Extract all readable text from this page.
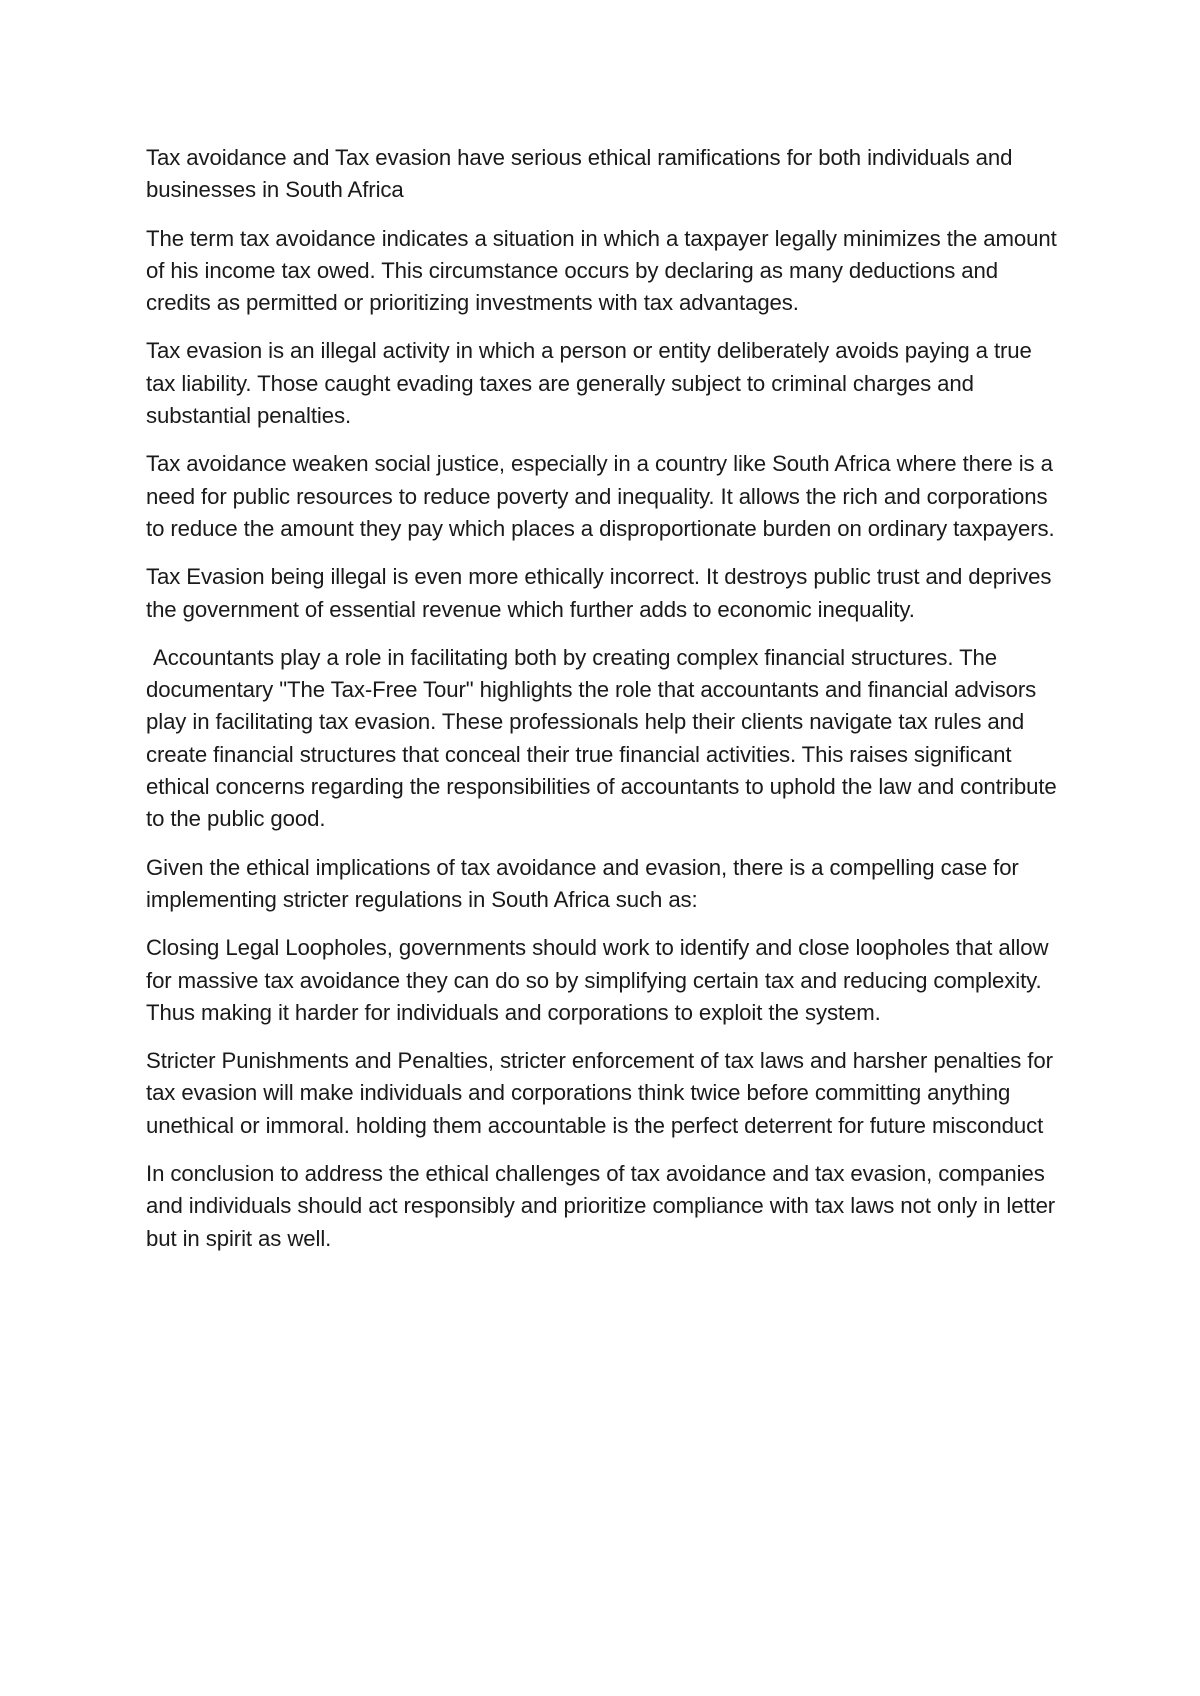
Tax avoidance and Tax evasion have serious ethical ramifications for both individuals and businesses in South Africa

The term tax avoidance indicates a situation in which a taxpayer legally minimizes the amount of his income tax owed. This circumstance occurs by declaring as many deductions and credits as permitted or prioritizing investments with tax advantages.

Tax evasion is an illegal activity in which a person or entity deliberately avoids paying a true tax liability. Those caught evading taxes are generally subject to criminal charges and substantial penalties.

Tax avoidance weaken social justice, especially in a country like South Africa where there is a need for public resources to reduce poverty and inequality. It allows the rich and corporations to reduce the amount they pay which places a disproportionate burden on ordinary taxpayers.

Tax Evasion being illegal is even more ethically incorrect. It destroys public trust and deprives the government of essential revenue which further adds to economic inequality.

Accountants play a role in facilitating both by creating complex financial structures. The documentary "The Tax-Free Tour" highlights the role that accountants and financial advisors play in facilitating tax evasion. These professionals help their clients navigate tax rules and create financial structures that conceal their true financial activities. This raises significant ethical concerns regarding the responsibilities of accountants to uphold the law and contribute to the public good.

Given the ethical implications of tax avoidance and evasion, there is a compelling case for implementing stricter regulations in South Africa such as:

Closing Legal Loopholes, governments should work to identify and close loopholes that allow for massive tax avoidance they can do so by simplifying certain tax and reducing complexity. Thus making it harder for individuals and corporations to exploit the system.

Stricter Punishments and Penalties, stricter enforcement of tax laws and harsher penalties for tax evasion will make individuals and corporations think twice before committing anything unethical or immoral. holding them accountable is the perfect deterrent for future misconduct

In conclusion to address the ethical challenges of tax avoidance and tax evasion, companies and individuals should act responsibly and prioritize compliance with tax laws not only in letter but in spirit as well.
